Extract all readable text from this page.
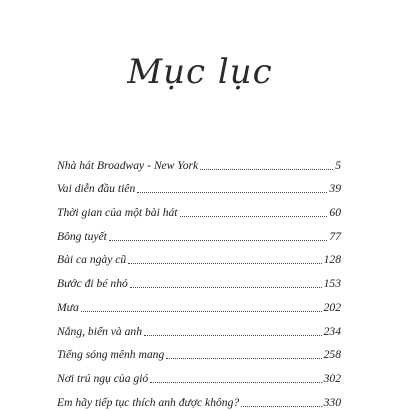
Mục lục
Nhà hát Broadway - New York	5
Vai diễn đầu tiên	39
Thời gian của một bài hát	60
Bông tuyết	77
Bài ca ngày cũ	128
Bước đi bé nhỏ	153
Mưa	202
Nắng, biển và anh	234
Tiếng sóng mênh mang	258
Nơi trú ngụ của gió	302
Em hãy tiếp tục thích anh được không?	330
